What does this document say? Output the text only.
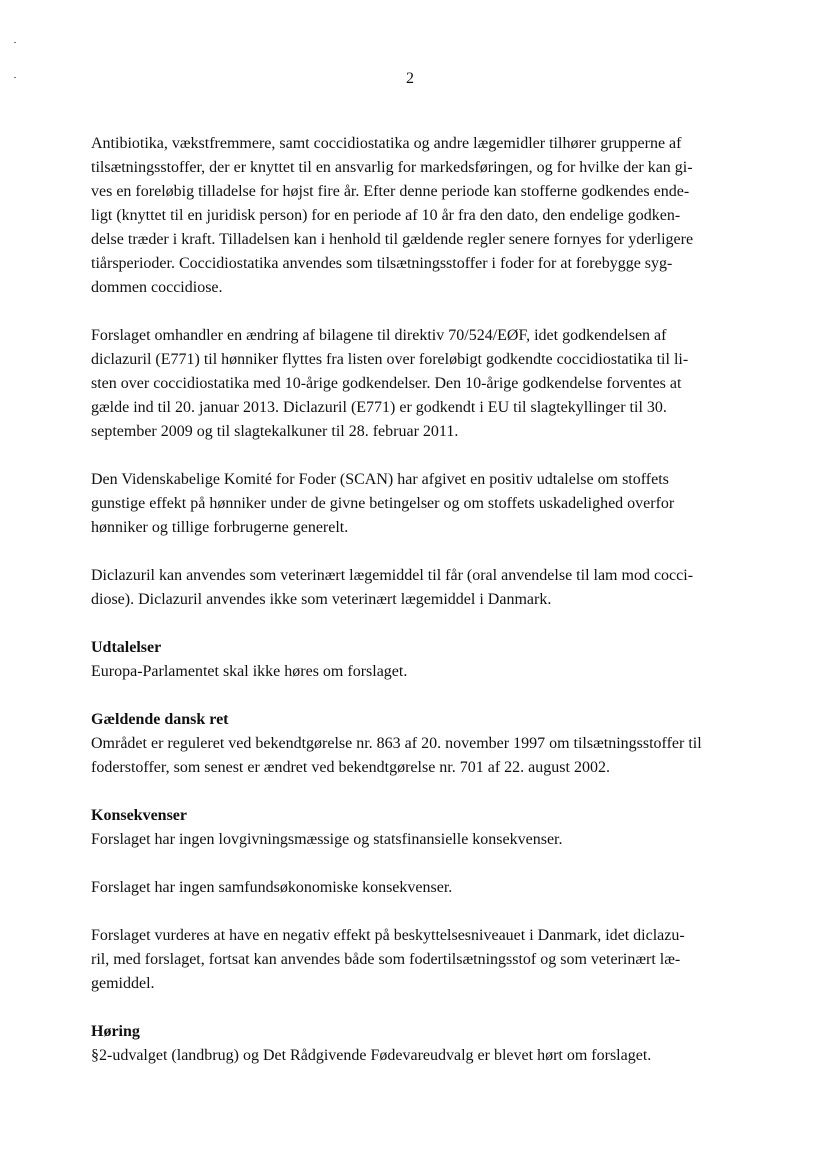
2

Antibiotika, vækstfremmere, samt coccidiostatika og andre lægemidler tilhører grupperne af
tilsætningsstoffer, der er knyttet til en ansvarlig for markedsføringen, og for hvilke der kan gi-
ves en foreløbig tilladelse for højst fire år. Efter denne periode kan stofferne godkendes ende-
ligt (knyttet til en juridisk person) for en periode af 10 år fra den dato, den endelige godken-
delse træder i kraft. Tilladelsen kan i henhold til gældende regler senere fornyes for yderligere
tiårsperioder. Coccidiostatika anvendes som tilsætningsstoffer i foder for at forebygge syg-
dommen coccidiose.

Forslaget omhandler en ændring af bilagene til direktiv 70/524/EØF, idet godkendelsen af
diclazuril (E771) til hønniker flyttes fra listen over foreløbigt godkendte coccidiostatika til li-
sten over coccidiostatika med 10-årige godkendelser. Den 10-årige godkendelse forventes at
gælde ind til 20. januar 2013. Diclazuril (E771) er godkendt i EU til slagtekyllinger til 30.
september 2009 og til slagtekalkuner til 28. februar 2011.

Den Videnskabelige Komité for Foder (SCAN) har afgivet en positiv udtalelse om stoffets
gunstige effekt på hønniker under de givne betingelser og om stoffets uskadelighed overfor
hønniker og tillige forbrugerne generelt.

Diclazuril kan anvendes som veterinært lægemiddel til får (oral anvendelse til lam mod cocci-
diose). Diclazuril anvendes ikke som veterinært lægemiddel i Danmark.

Udtalelser
Europa-Parlamentet skal ikke høres om forslaget.
Gældende dansk ret
Området er reguleret ved bekendtgørelse nr. 863 af 20. november 1997 om tilsætningsstoffer til
foderstoffer, som senest er ændret ved bekendtgørelse nr. 701 af 22. august 2002.
Konsekvenser
Forslaget har ingen lovgivningsmæssige og statsfinansielle konsekvenser.

Forslaget har ingen samfundsøkonomiske konsekvenser.

Forslaget vurderes at have en negativ effekt på beskyttelsesniveauet i Danmark, idet diclazu-
ril, med forslaget, fortsat kan anvendes både som fodertilsætningsstof og som veterinært læ-
gemiddel.

Høring
§2-udvalget (landbrug) og Det Rådgivende Fødevareudvalg er blevet hørt om forslaget.
